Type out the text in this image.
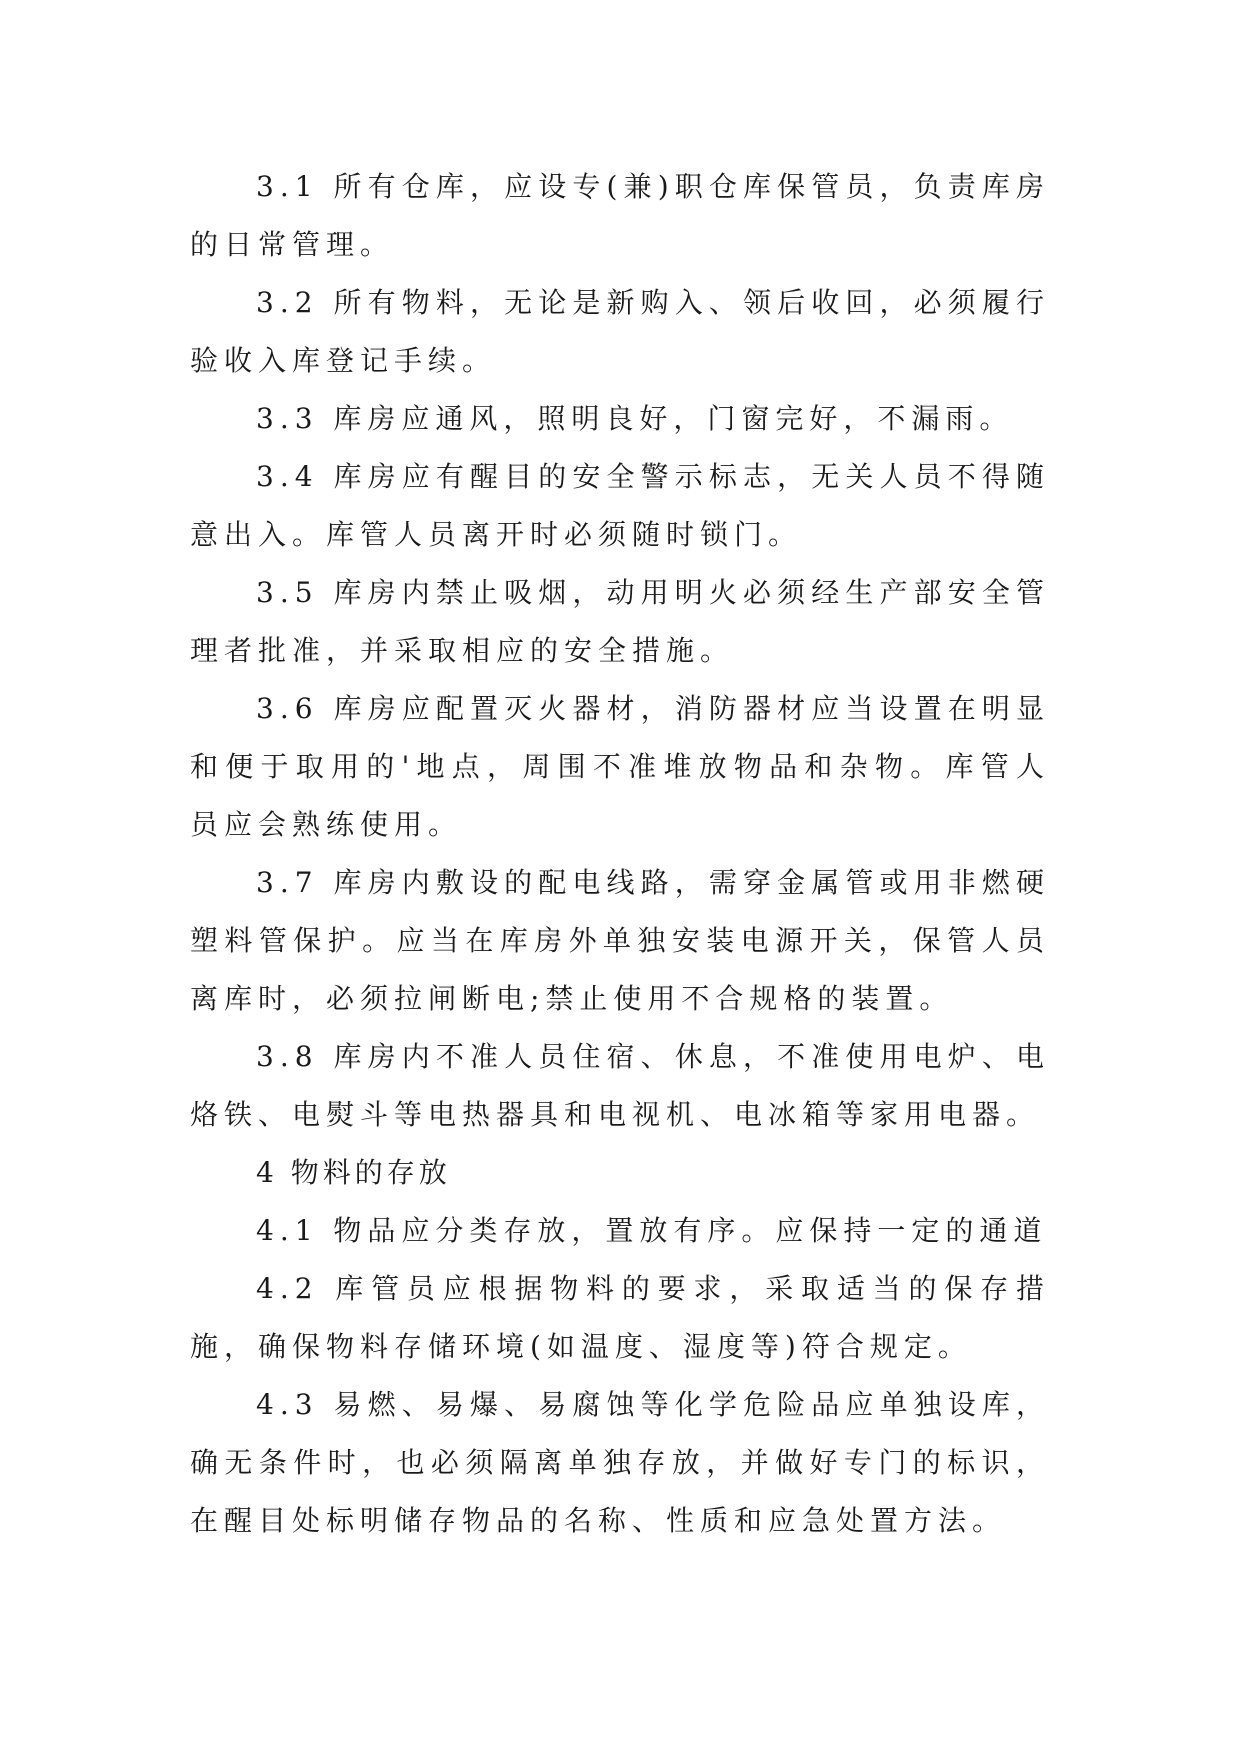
3.1 所有仓库，应设专(兼)职仓库保管员，负责库房的日常管理。

3.2 所有物料，无论是新购入、领后收回，必须履行验收入库登记手续。

3.3 库房应通风，照明良好，门窗完好，不漏雨。

3.4 库房应有醒目的安全警示标志，无关人员不得随意出入。库管人员离开时必须随时锁门。

3.5 库房内禁止吸烟，动用明火必须经生产部安全管理者批准，并采取相应的安全措施。

3.6 库房应配置灭火器材，消防器材应当设置在明显和便于取用的'地点，周围不准堆放物品和杂物。库管人员应会熟练使用。

3.7 库房内敷设的配电线路，需穿金属管或用非燃硬塑料管保护。应当在库房外单独安装电源开关，保管人员离库时，必须拉闸断电;禁止使用不合规格的装置。

3.8 库房内不准人员住宿、休息，不准使用电炉、电烙铁、电熨斗等电热器具和电视机、电冰箱等家用电器。

4 物料的存放

4.1 物品应分类存放，置放有序。应保持一定的通道

4.2 库管员应根据物料的要求，采取适当的保存措施，确保物料存储环境(如温度、湿度等)符合规定。

4.3 易燃、易爆、易腐蚀等化学危险品应单独设库，确无条件时，也必须隔离单独存放，并做好专门的标识，在醒目处标明储存物品的名称、性质和应急处置方法。
